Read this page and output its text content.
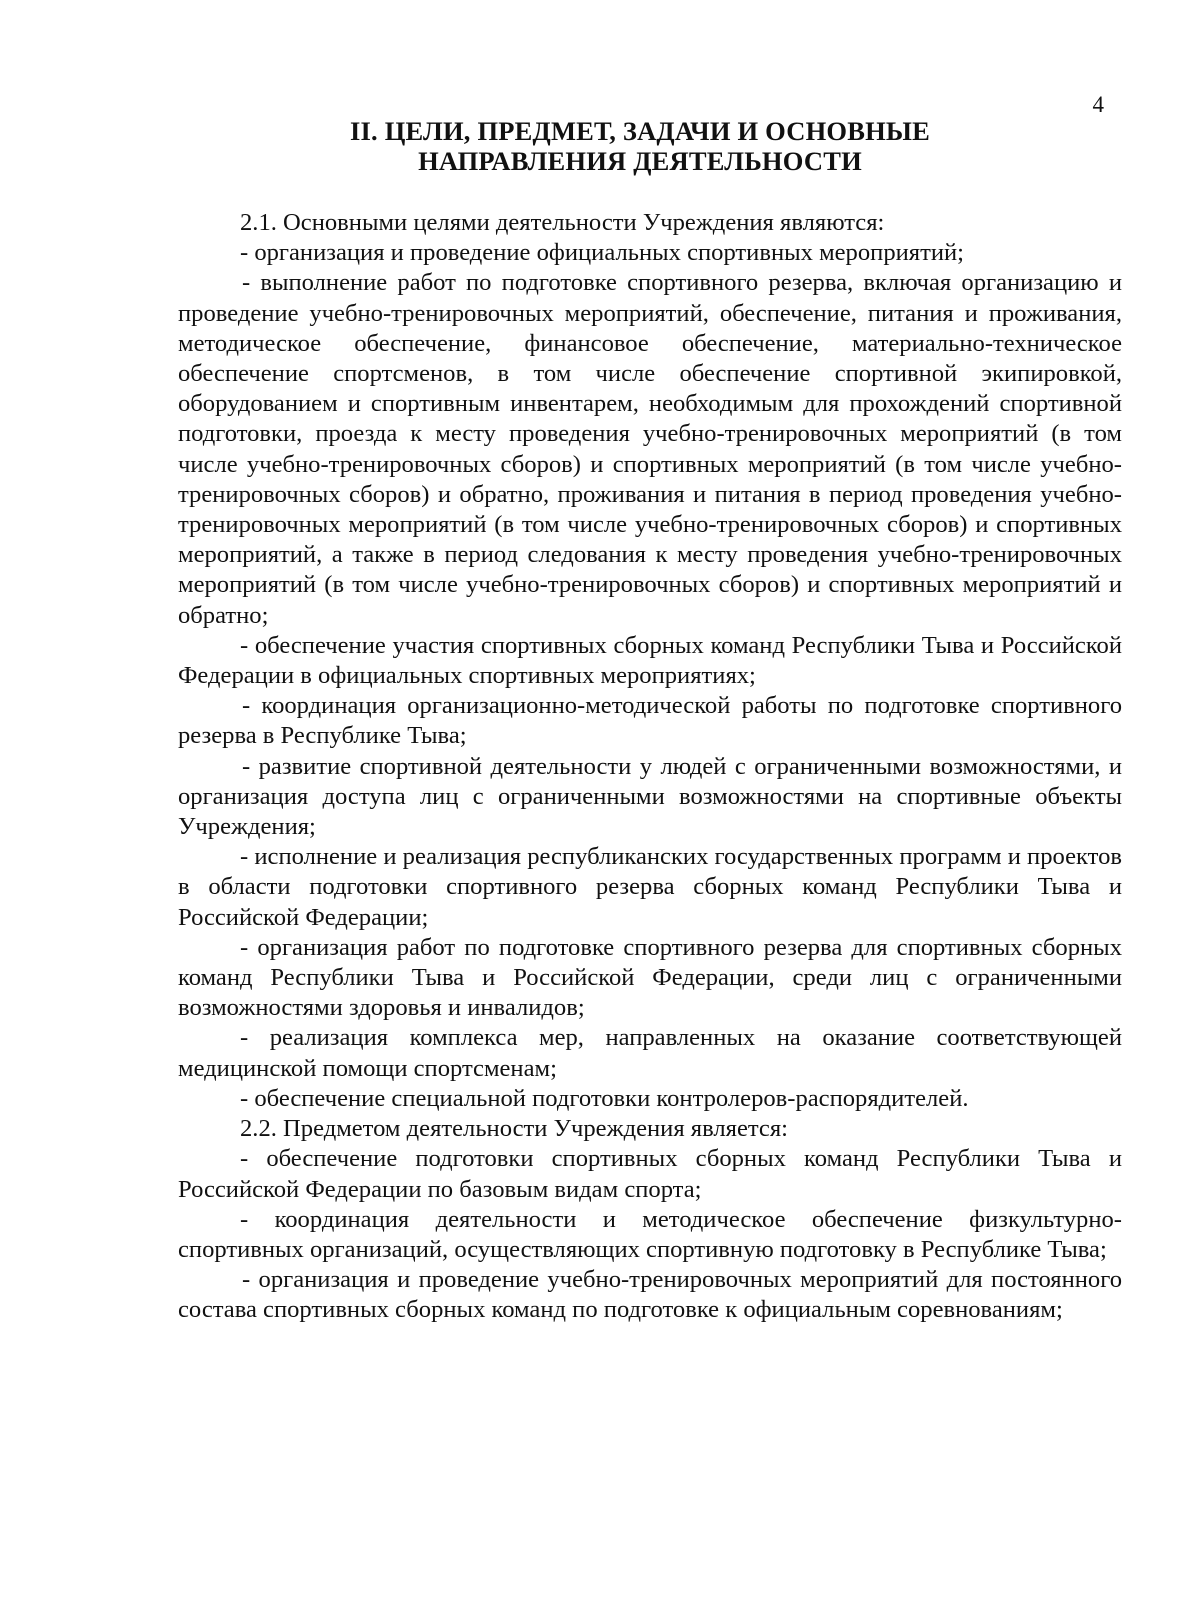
4
II. ЦЕЛИ, ПРЕДМЕТ, ЗАДАЧИ И ОСНОВНЫЕ
НАПРАВЛЕНИЯ ДЕЯТЕЛЬНОСТИ

2.1. Основными целями деятельности Учреждения являются:

- организация и проведение официальных спортивных мероприятий;

- выполнение работ по подготовке спортивного резерва, включая организацию и проведение учебно-тренировочных мероприятий, обеспечение, питания и проживания, методическое обеспечение, финансовое обеспечение, материально-техническое обеспечение спортсменов, в том числе обеспечение спортивной экипировкой, оборудованием и спортивным инвентарем, необходимым для прохождений спортивной подготовки, проезда к месту проведения учебно-тренировочных мероприятий (в том числе учебно-тренировочных сборов) и спортивных мероприятий (в том числе учебно-тренировочных сборов) и обратно, проживания и питания в период проведения учебно-тренировочных мероприятий (в том числе учебно-тренировочных сборов) и спортивных мероприятий, а также в период следования к месту проведения учебно-тренировочных мероприятий (в том числе учебно-тренировочных сборов) и спортивных мероприятий и обратно;

- обеспечение участия спортивных сборных команд Республики Тыва и Российской Федерации в официальных спортивных мероприятиях;

- координация организационно-методической работы по подготовке спортивного резерва в Республике Тыва;

- развитие спортивной деятельности у людей с ограниченными возможностями, и организация доступа лиц с ограниченными возможностями на спортивные объекты Учреждения;

- исполнение и реализация республиканских государственных программ и проектов в области подготовки спортивного резерва сборных команд Республики Тыва и Российской Федерации;

- организация работ по подготовке спортивного резерва для спортивных сборных команд Республики Тыва и Российской Федерации, среди лиц с ограниченными возможностями здоровья и инвалидов;

- реализация комплекса мер, направленных на оказание соответствующей медицинской помощи спортсменам;

- обеспечение специальной подготовки контролеров-распорядителей.

2.2. Предметом деятельности Учреждения является:

- обеспечение подготовки спортивных сборных команд Республики Тыва и Российской Федерации по базовым видам спорта;

- координация деятельности и методическое обеспечение физкультурно-спортивных организаций, осуществляющих спортивную подготовку в Республике Тыва;

- организация и проведение учебно-тренировочных мероприятий для постоянного состава спортивных сборных команд по подготовке к официальным соревнованиям;
